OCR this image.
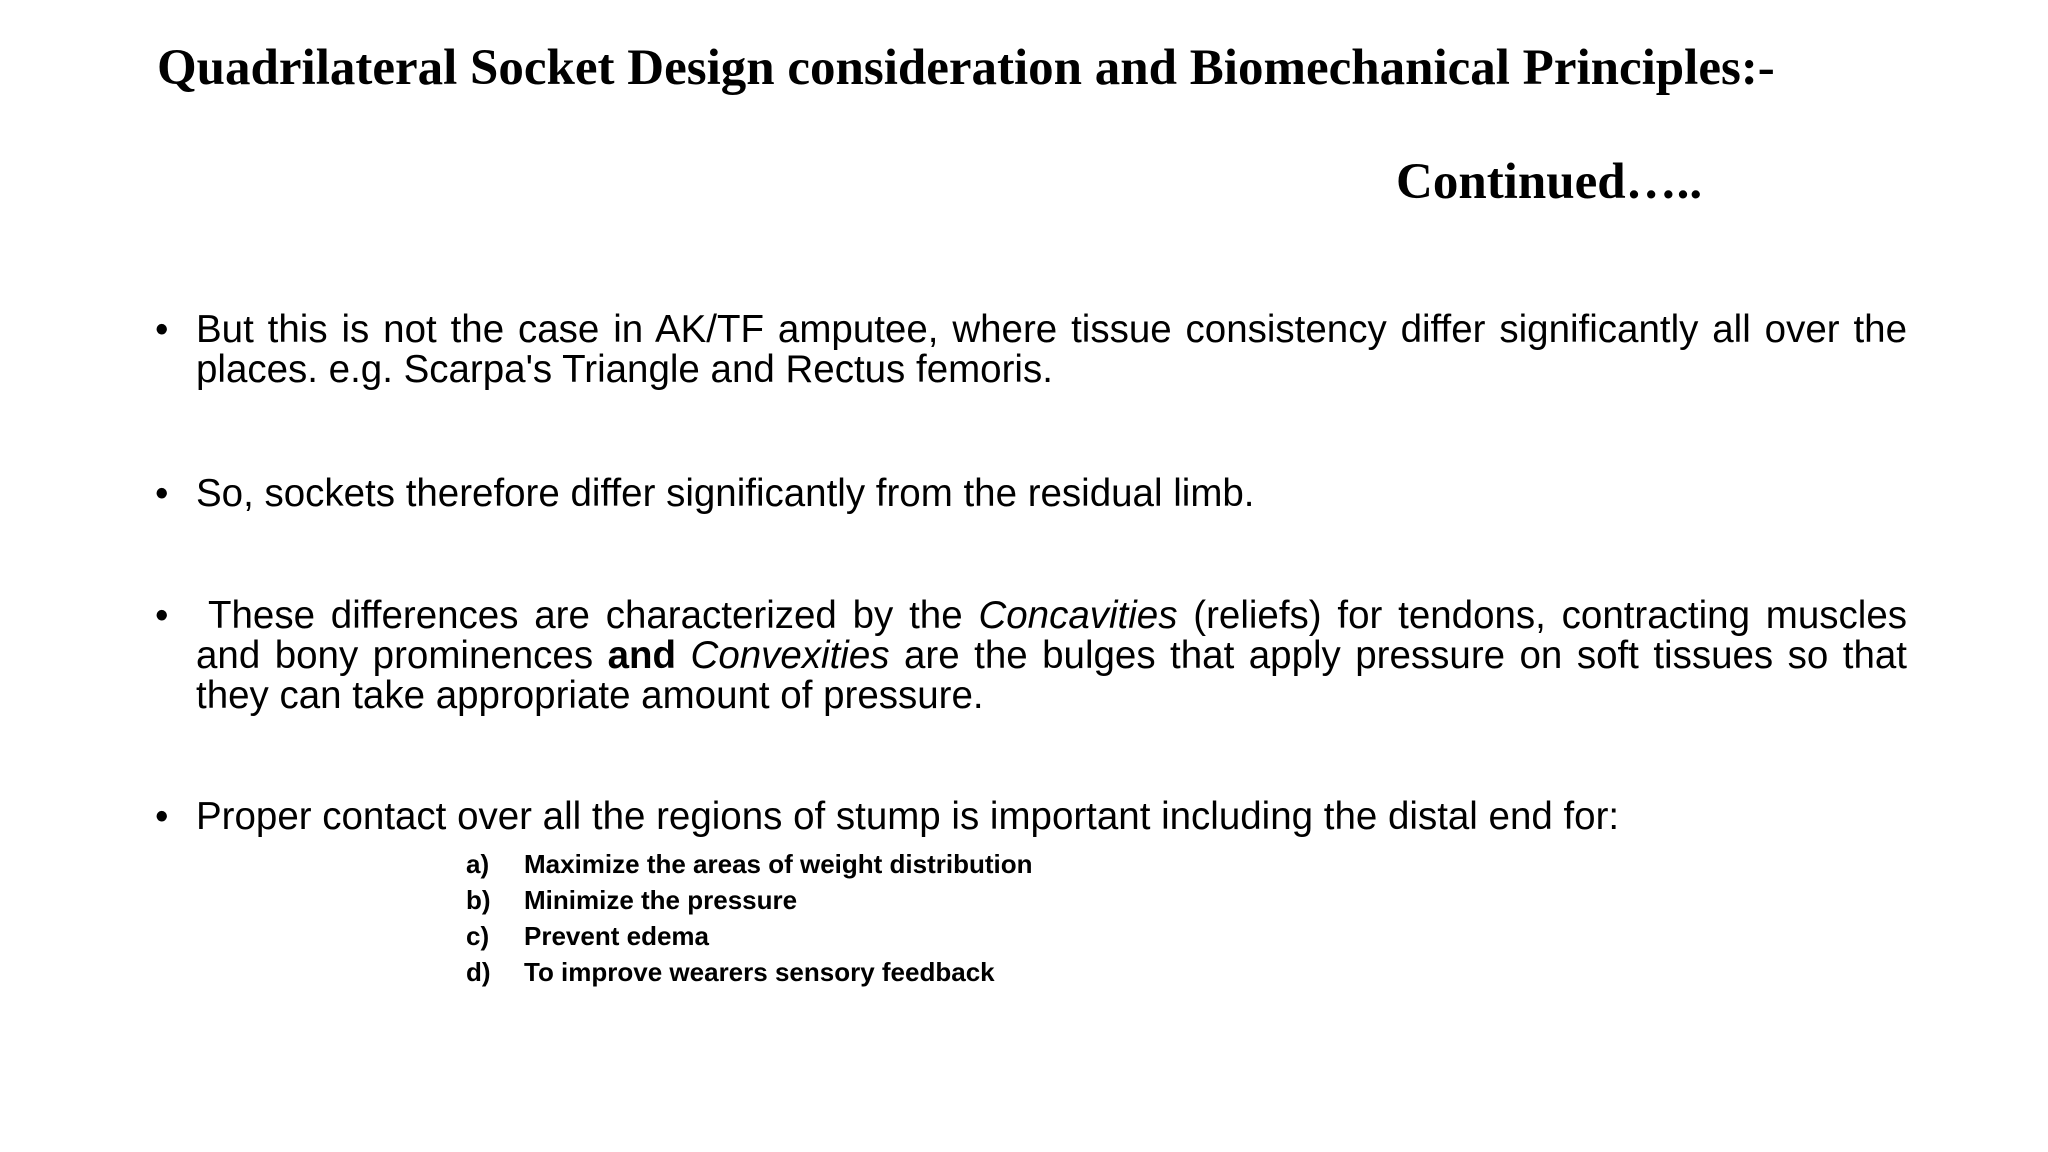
Quadrilateral Socket Design consideration and Biomechanical Principles:-
Continued…..
• But this is not the case in AK/TF amputee, where tissue consistency differ significantly all over the places. e.g. Scarpa's Triangle and Rectus femoris.
• So, sockets therefore differ significantly from the residual limb.
•	These differences are characterized by the Concavities (reliefs) for tendons, contracting muscles and bony prominences and Convexities are the bulges that apply pressure on soft tissues so that they can take appropriate amount of pressure.
• Proper contact over all the regions of stump is important including the distal end for:
a) Maximize the areas of weight distribution
b) Minimize the pressure
c) Prevent edema
d) To improve wearers sensory feedback
